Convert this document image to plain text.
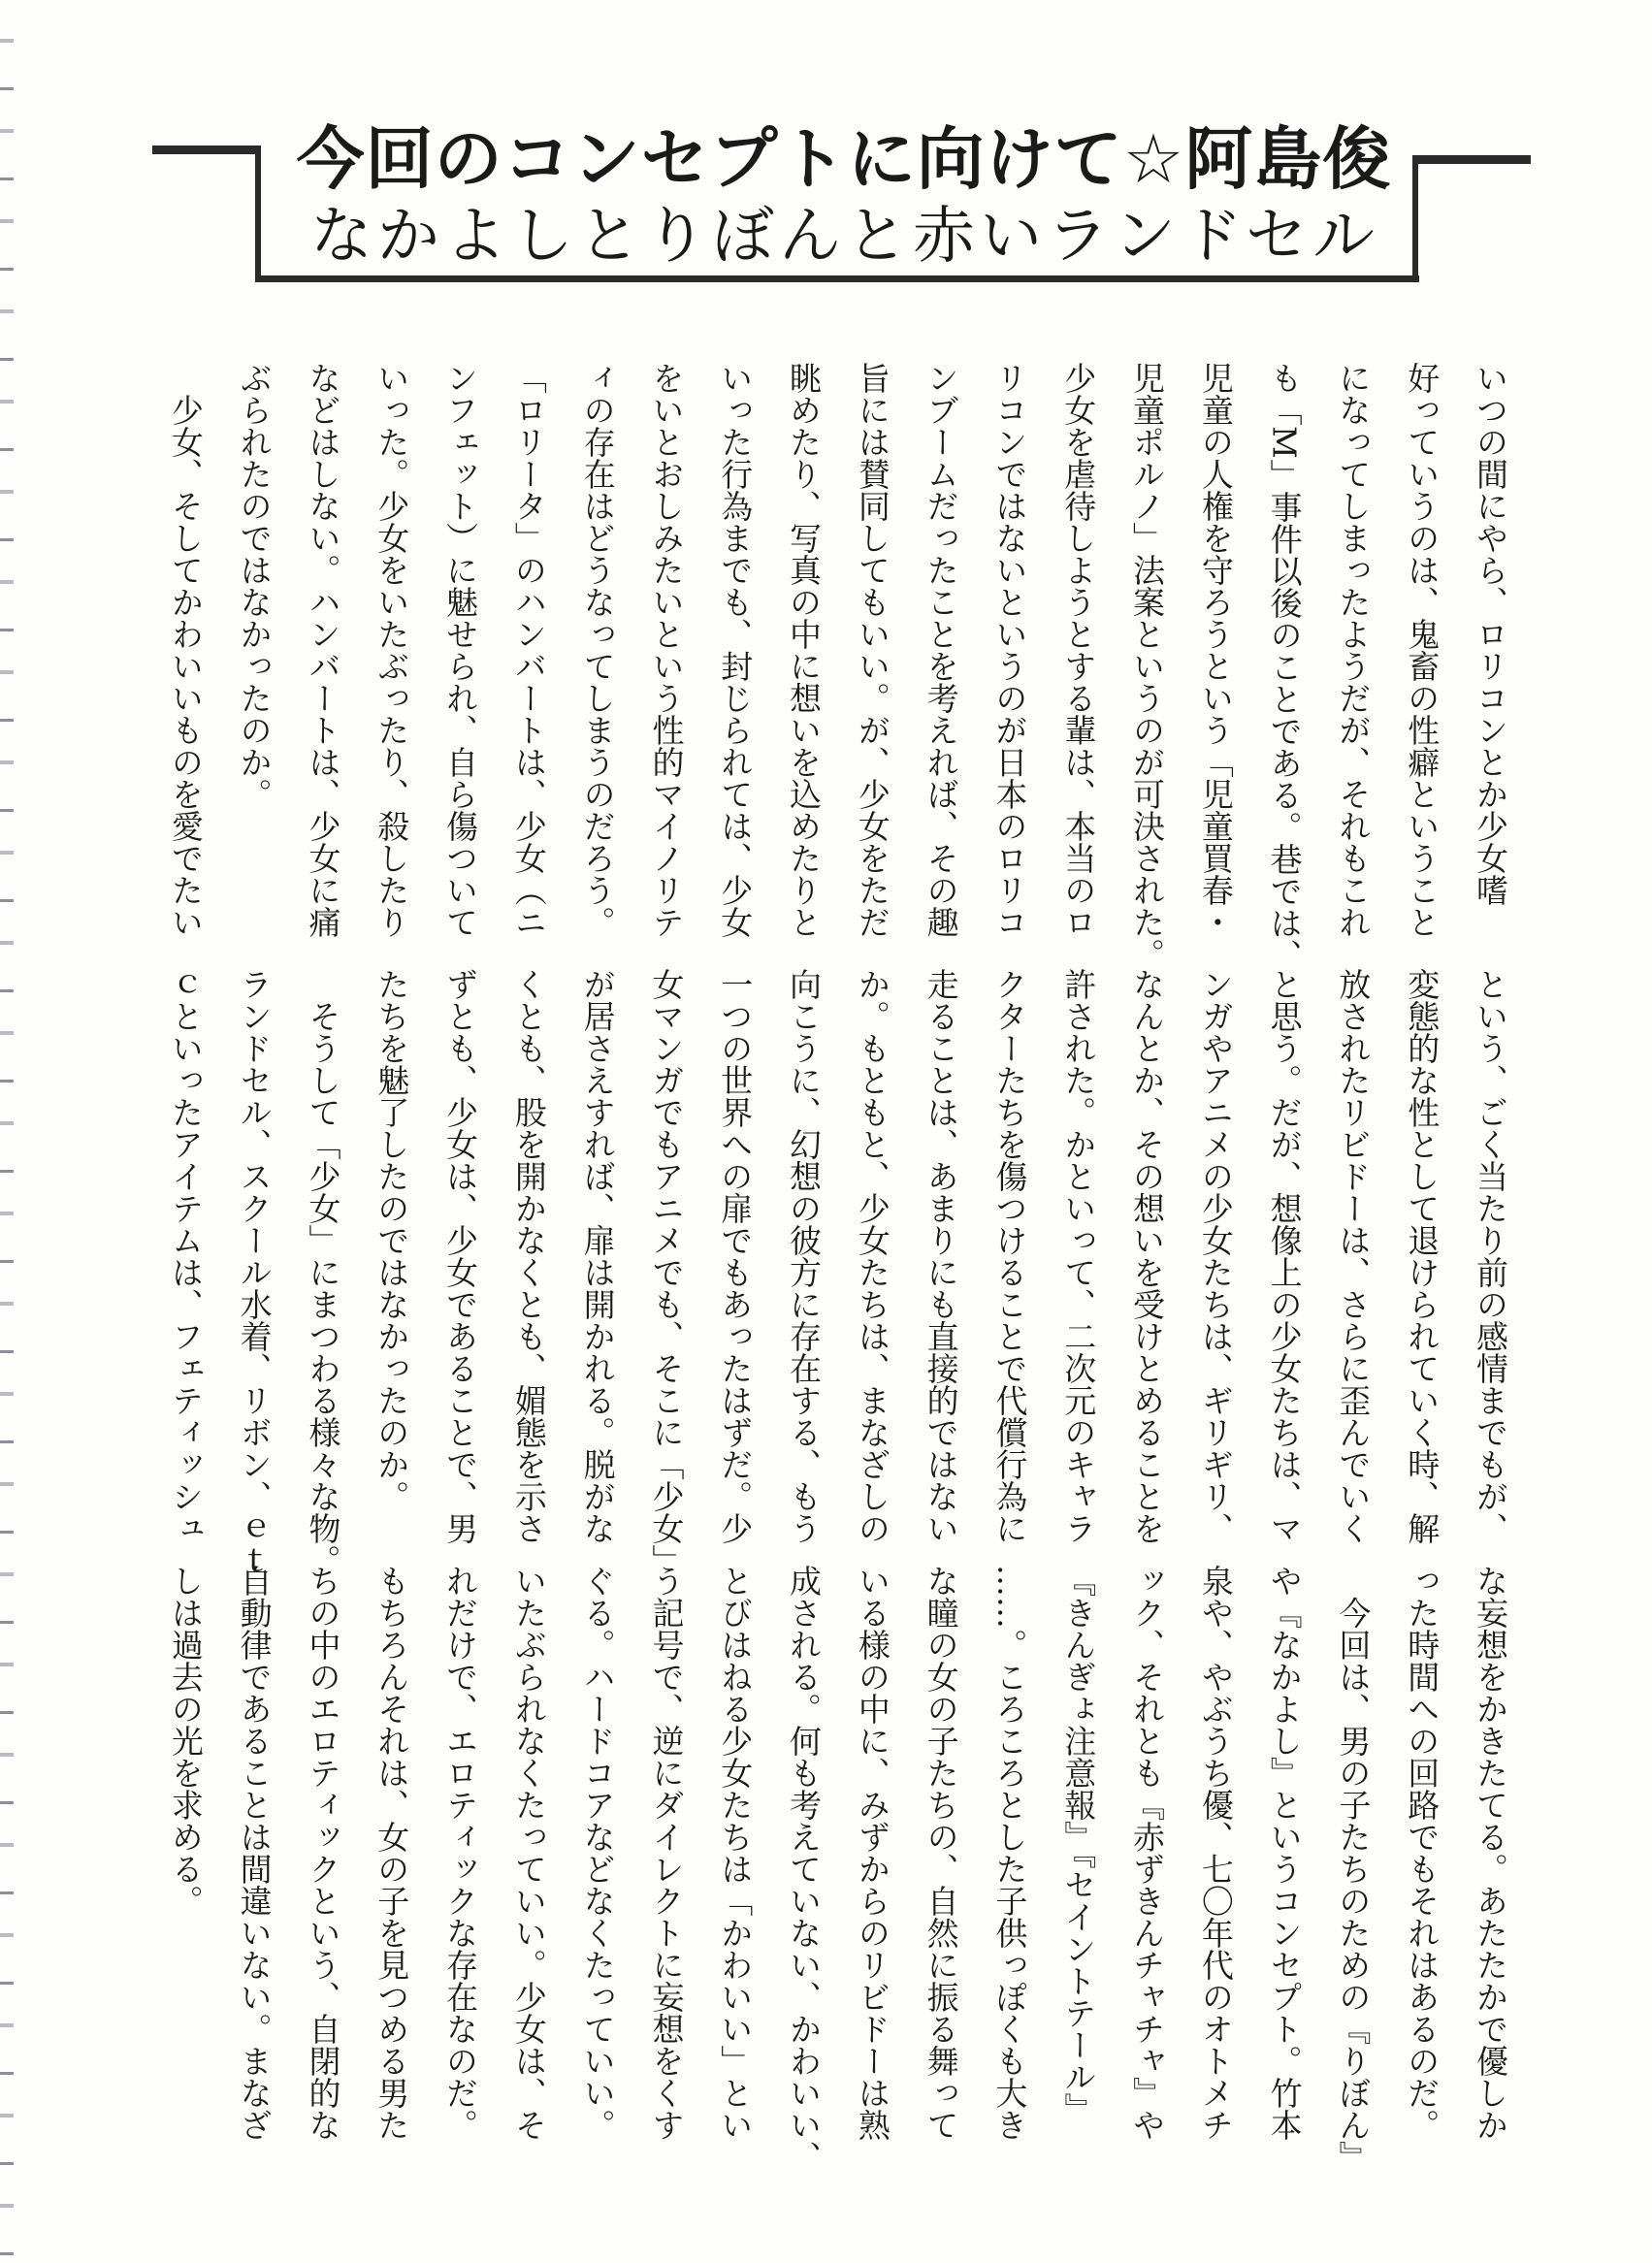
今回のコンセプトに向けて☆阿島俊
なかよしとりぼんと赤いランドセル
いつの間にやら、ロリコンとか少女嗜
好っていうのは、鬼畜の性癖ということ
になってしまったようだが、それもこれ
も「M」事件以後のことである。巷では、
児童の人権を守ろうという「児童買春・
児童ポルノ」法案というのが可決された。
少女を虐待しようとする輩は、本当のロ
リコンではないというのが日本のロリコ
ンブームだったことを考えれば、その趣
旨には賛同してもいい。が、少女をただ
眺めたり、写真の中に想いを込めたりと
いった行為までも、封じられては、少女
をいとおしみたいという性的マイノリテ
ィの存在はどうなってしまうのだろう。
「ロリータ」のハンバートは、少女（ニ
ンフェット）に魅せられ、自ら傷ついて
いった。少女をいたぶったり、殺したり
などはしない。ハンバートは、少女に痛
ぶられたのではなかったのか。
　少女、そしてかわいいものを愛でたい
という、ごく当たり前の感情までもが、
変態的な性として退けられていく時、解
放されたリビドーは、さらに歪んでいく
と思う。だが、想像上の少女たちは、マ
ンガやアニメの少女たちは、ギリギリ、
なんとか、その想いを受けとめることを
許された。かといって、二次元のキャラ
クターたちを傷つけることで代償行為に
走ることは、あまりにも直接的ではない
か。もともと、少女たちは、まなざしの
向こうに、幻想の彼方に存在する、もう
一つの世界への扉でもあったはずだ。少
女マンガでもアニメでも、そこに「少女」
が居さえすれば、扉は開かれる。脱がな
くとも、股を開かなくとも、媚態を示さ
ずとも、少女は、少女であることで、男
たちを魅了したのではなかったのか。
　そうして「少女」にまつわる様々な物。
ランドセル、スクール水着、リボン、ｅｔ
ｃといったアイテムは、フェティッシュ
な妄想をかきたてる。あたたかで優しか
った時間への回路でもそれはあるのだ。
　今回は、男の子たちのための『りぼん』
や『なかよし』というコンセプト。竹本
泉や、やぶうち優、七〇年代のオトメチ
ック、それとも『赤ずきんチャチャ』や
『きんぎょ注意報』『セイントテール』
……。ころころとした子供っぽくも大き
な瞳の女の子たちの、自然に振る舞って
いる様の中に、みずからのリビドーは熟
成される。何も考えていない、かわいい、
とびはねる少女たちは「かわいい」とい
う記号で、逆にダイレクトに妄想をくす
ぐる。ハードコアなどなくたっていい。
いたぶられなくたっていい。少女は、そ
れだけで、エロティックな存在なのだ。
もちろんそれは、女の子を見つめる男た
ちの中のエロティックという、自閉的な
自動律であることは間違いない。まなざ
しは過去の光を求める。
